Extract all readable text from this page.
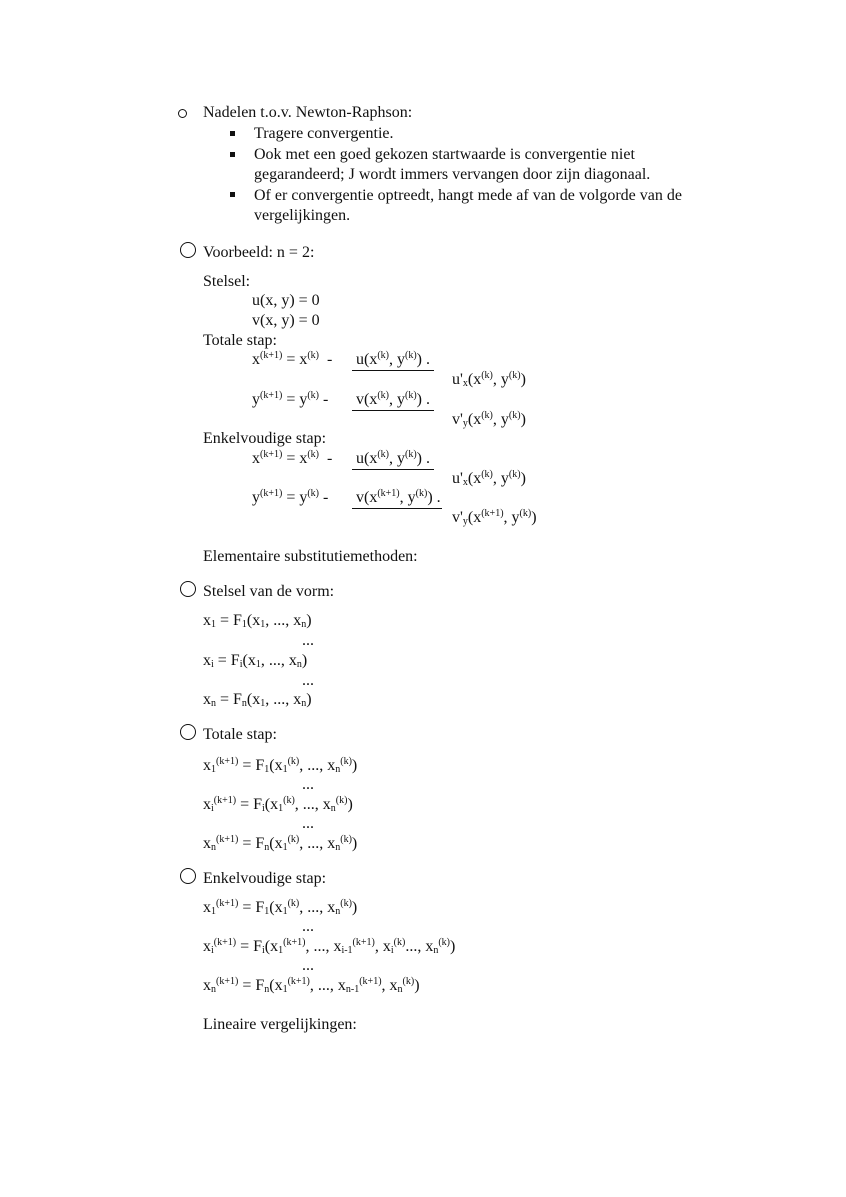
Nadelen t.o.v. Newton-Raphson:
Tragere convergentie.
Ook met een goed gekozen startwaarde is convergentie niet
gegarandeerd; J wordt immers vervangen door zijn diagonaal.
Of er convergentie optreedt, hangt mede af van de volgorde van de
vergelijkingen.
Voorbeeld: n = 2:
Stelsel:
u(x, y) = 0
v(x, y) = 0
Totale stap:
$x^{(k+1)} = x^{(k)} - u(x^{(k)}$, $y^{(k)}$) .
$u'_x(x^{(k)}$, $y^{(k)}$)
$y^{(k+1)} = y^{(k)} - v(x^{(k)}$, $y^{(k)}$) .
$v'_y(x^{(k)}$, $y^{(k)}$)
Enkelvoudige stap:
$x^{(k+1)} = x^{(k)} - u(x^{(k)}$, $y^{(k)}$) .
$u'_x(x^{(k)}$, $y^{(k)}$)
$y^{(k+1)} = y^{(k)} - v(x^{(k+1)}$, $y^{(k)}$) .
$v'_y(x^{(k+1)}$, $y^{(k)}$)
Elementaire substitutiemethoden:
Stelsel van de vorm:
$x_1 = F_1(x_1$, ..., $x_n$)
...
$x_i = F_i(x_1$, ..., $x_n$)
...
$x_n = F_n(x_1$, ..., $x_n$)
Totale stap:
$x_1^{(k+1)} = F_1(x_1^{(k)}$, ..., $x_n^{(k)}$)
...
$x_i^{(k+1)} = F_i(x_1^{(k)}$, ..., $x_n^{(k)}$)
...
$x_n^{(k+1)} = F_n(x_1^{(k)}$, ..., $x_n^{(k)}$)
Enkelvoudige stap:
$x_1^{(k+1)} = F_1(x_1^{(k)}$, ..., $x_n^{(k)}$)
...
$x_i^{(k+1)} = F_i(x_1^{(k+1)}$, ..., $x_{i-1}^{(k+1)}$, $x_i^{(k)}$..., $x_n^{(k)}$)
...
$x_n^{(k+1)} = F_n(x_1^{(k+1)}$, ..., $x_{n-1}^{(k+1)}$, $x_n^{(k)}$)
Lineaire vergelijkingen:
